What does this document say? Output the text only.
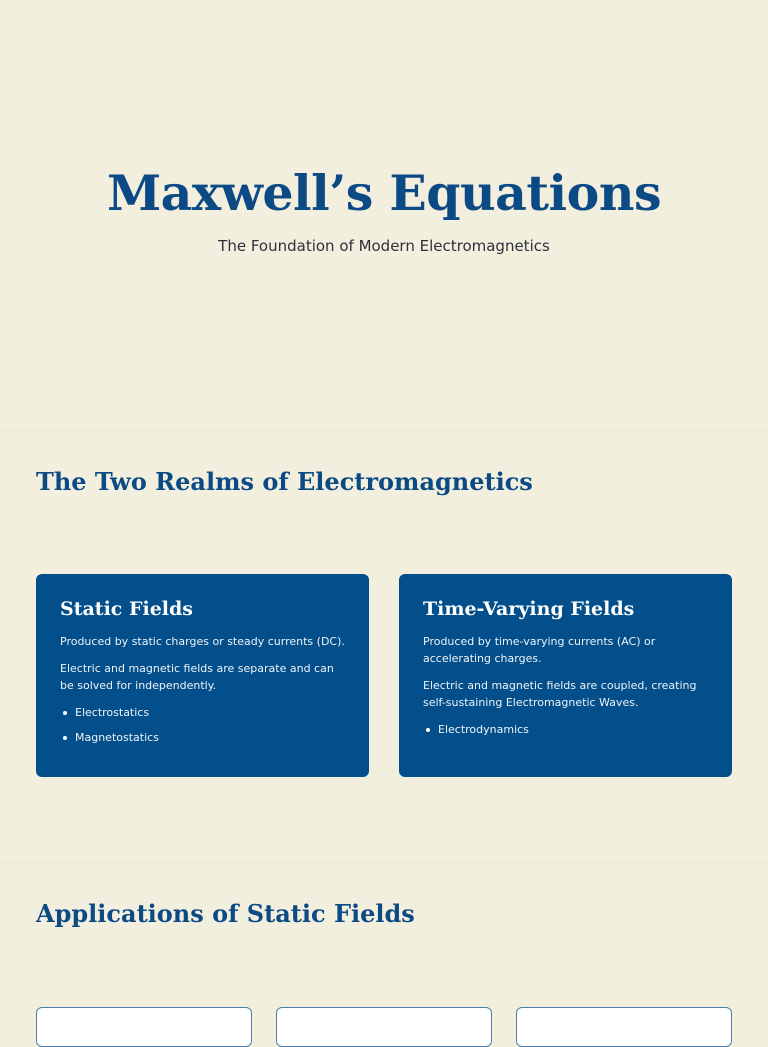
Maxwell’s Equations

The Foundation of Modern Electromagnetics

The Two Realms of Electromagnetics
Static Fields

Produced by static charges or steady currents (DC).

Electric and magnetic fields are separate and can be solved for independently.

Electrostatics
Magnetostatics
Time-Varying Fields

Produced by time-varying currents (AC) or accelerating charges.

Electric and magnetic fields are coupled, creating self-sustaining Electromagnetic Waves.

Electrodynamics
Applications of Static Fields
